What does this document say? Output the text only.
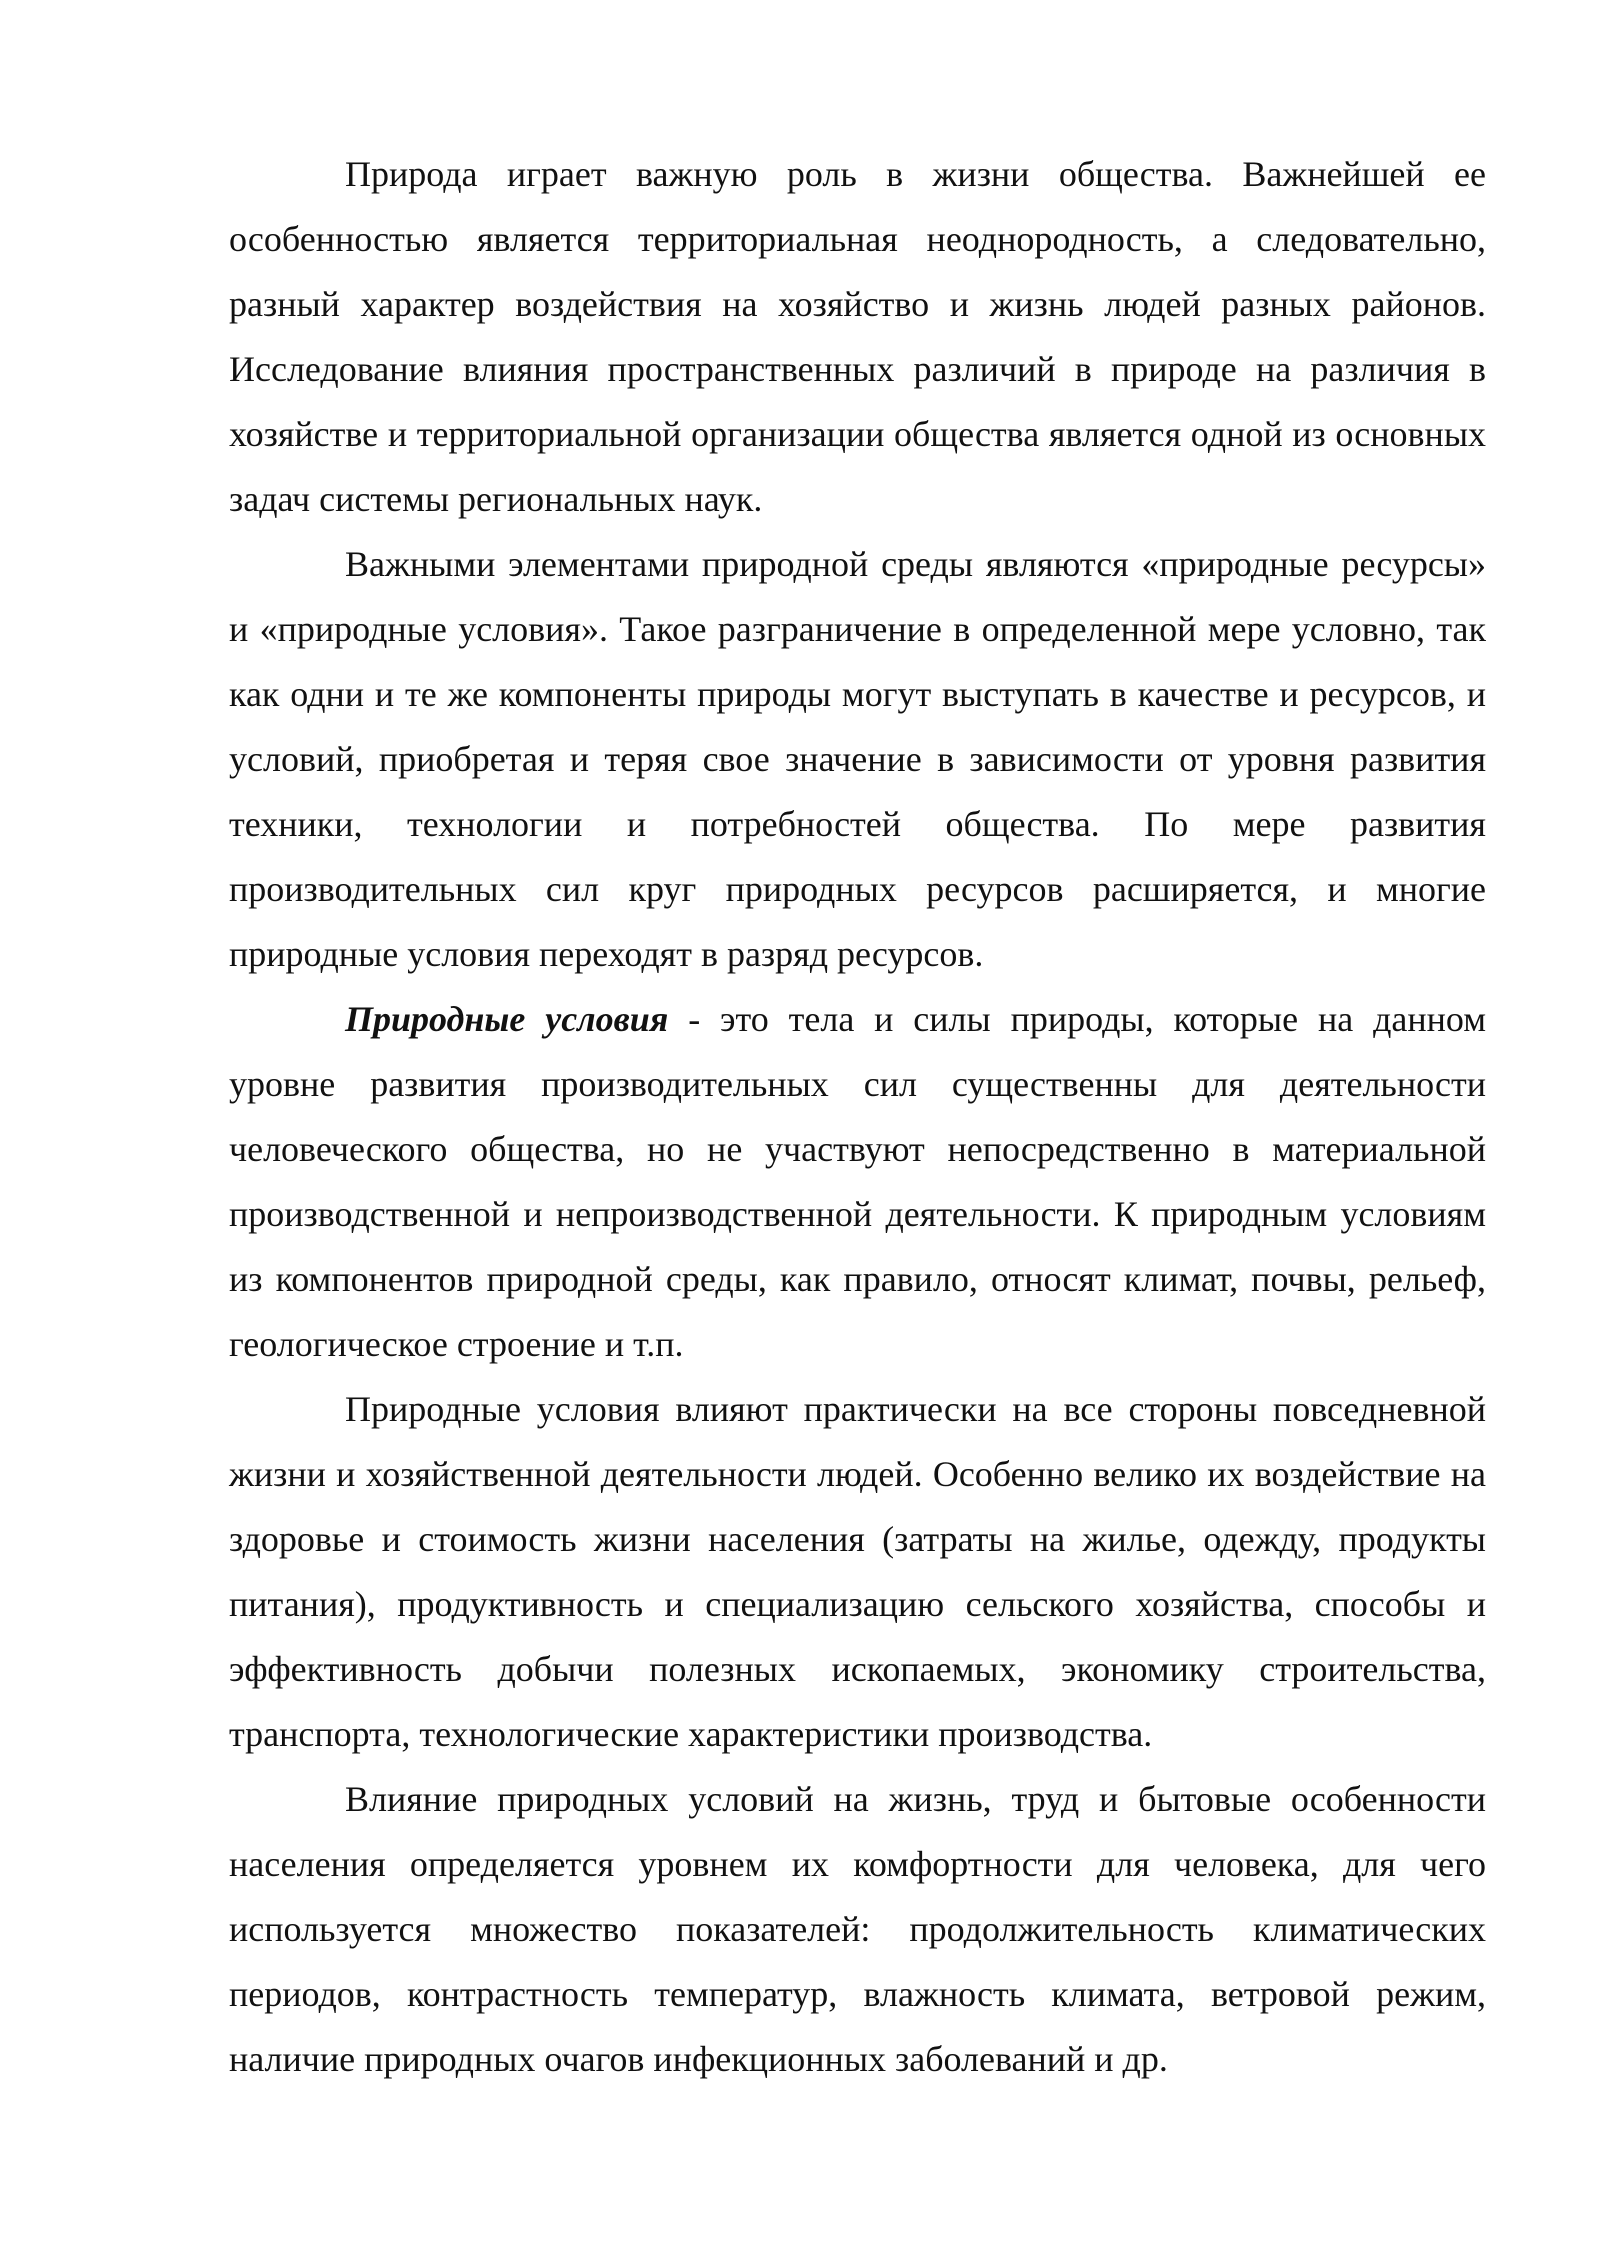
Природа играет важную роль в жизни общества. Важнейшей ее особенностью является территориальная неоднородность, а следовательно, разный характер воздействия на хозяйство и жизнь людей разных районов. Исследование влияния пространственных различий в природе на различия в хозяйстве и территориальной организации общества является одной из основных задач системы региональных наук.

Важными элементами природной среды являются «природные ресурсы» и «природные условия». Такое разграничение в определенной мере условно, так как одни и те же компоненты природы могут выступать в качестве и ресурсов, и условий, приобретая и теряя свое значение в зависимости от уровня развития техники, технологии и потребностей общества. По мере развития производительных сил круг природных ресурсов расширяется, и многие природные условия переходят в разряд ресурсов.

Природные условия - это тела и силы природы, которые на данном уровне развития производительных сил существенны для деятельности человеческого общества, но не участвуют непосредственно в материальной производственной и непроизводственной деятельности. К природным условиям из компонентов природной среды, как правило, относят климат, почвы, рельеф, геологическое строение и т.п.

Природные условия влияют практически на все стороны повседневной жизни и хозяйственной деятельности людей. Особенно велико их воздействие на здоровье и стоимость жизни населения (затраты на жилье, одежду, продукты питания), продуктивность и специализацию сельского хозяйства, способы и эффективность добычи полезных ископаемых, экономику строительства, транспорта, технологические характеристики производства.

Влияние природных условий на жизнь, труд и бытовые особенности населения определяется уровнем их комфортности для человека, для чего используется множество показателей: продолжительность климатических периодов, контрастность температур, влажность климата, ветровой режим, наличие природных очагов инфекционных заболеваний и др.
